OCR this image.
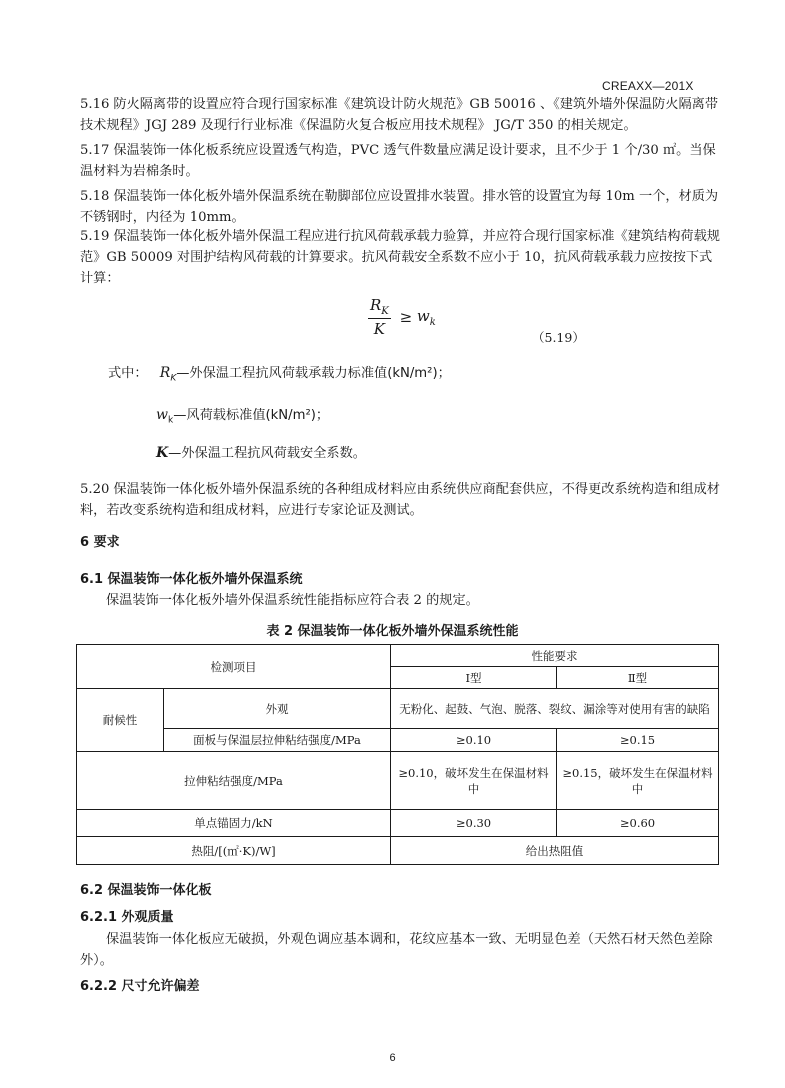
CREAXX—201X
5.16 防火隔离带的设置应符合现行国家标准《建筑设计防火规范》GB 50016 、《建筑外墙外保温防火隔离带技术规程》JGJ 289 及现行行业标准《保温防火复合板应用技术规程》 JG/T 350 的相关规定。
5.17 保温装饰一体化板系统应设置透气构造，PVC 透气件数量应满足设计要求，且不少于 1 个/30 ㎡。当保温材料为岩棉条时。
5.18 保温装饰一体化板外墙外保温系统在勒脚部位应设置排水装置。排水管的设置宜为每 10m 一个，材质为不锈钢时，内径为 10mm。
5.19 保温装饰一体化板外墙外保温工程应进行抗风荷载承载力验算，并应符合现行国家标准《建筑结构荷载规范》GB 50009 对围护结构风荷载的计算要求。抗风荷载安全系数不应小于 10，抗风荷载承载力应按按下式计算：
$\frac{R_K}{K} \ge w_k$
（5.19）
式中： $R_K—$外保温工程抗风荷载承载力标准值(kN/m²)；
$w_k—$风荷载标准值(kN/m²)；
K—外保温工程抗风荷载安全系数。
5.20 保温装饰一体化板外墙外保温系统的各种组成材料应由系统供应商配套供应，不得更改系统构造和组成材料，若改变系统构造和组成材料，应进行专家论证及测试。
6 要求
6.1 保温装饰一体化板外墙外保温系统
保温装饰一体化板外墙外保温系统性能指标应符合表 2 的规定。
表 2 保温装饰一体化板外墙外保温系统性能
检测项目		性能要求	
		Ⅰ型	Ⅱ型
耐候性	外观	无粉化、起鼓、气泡、脱落、裂纹、漏涂等对使用有害的缺陷	
	面板与保温层拉伸粘结强度/MPa	≥0.10	≥0.15
拉伸粘结强度/MPa		≥0.10，破坏发生在保温材料中	≥0.15，破坏发生在保温材料中
单点锚固力/kN		≥0.30	≥0.60
热阻/[(㎡·K)/W]		给出热阻值	
6.2 保温装饰一体化板
6.2.1 外观质量
保温装饰一体化板应无破损，外观色调应基本调和，花纹应基本一致、无明显色差（天然石材天然色差除外）。
6.2.2 尺寸允许偏差
6
